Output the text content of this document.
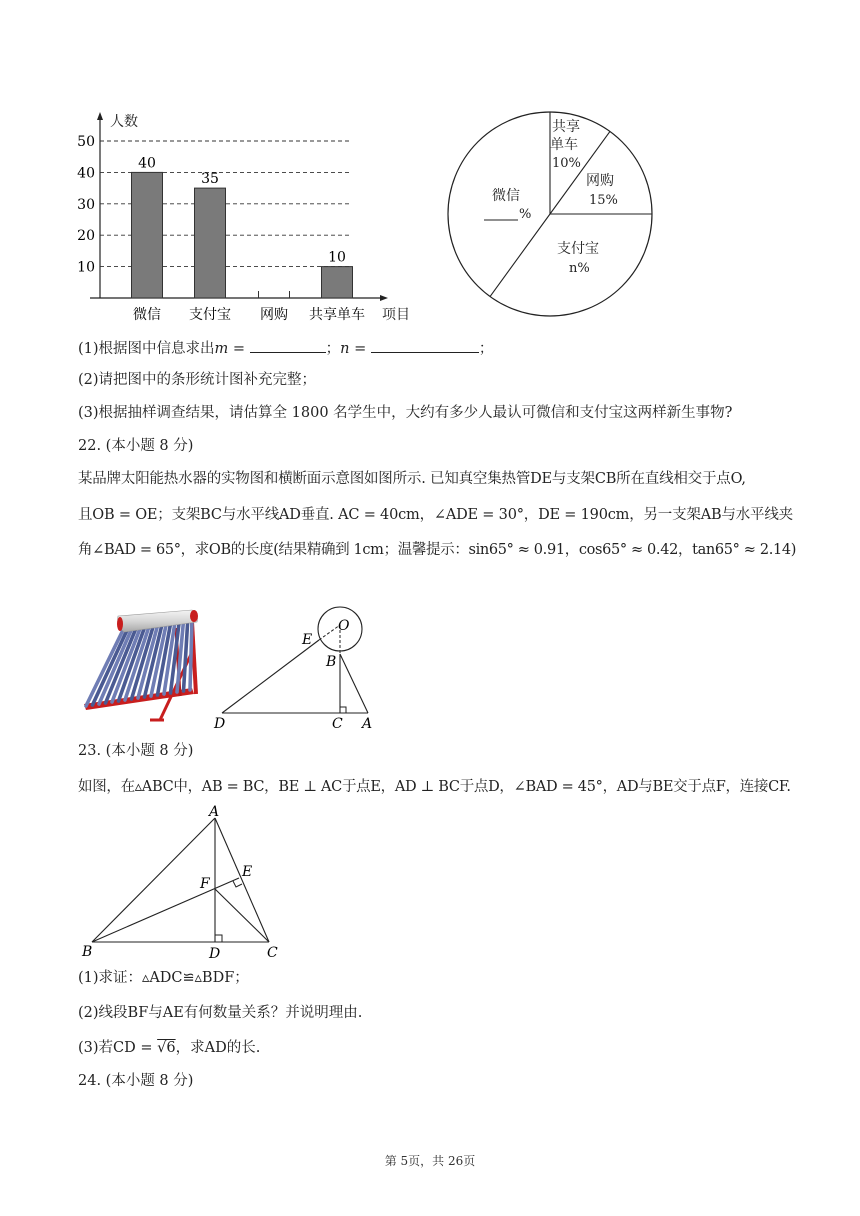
10
20
30
40
50
40
35
10
微信 支付宝 网购 共享单车
人数
项目
共享
单车
10%
网购
15%
支付宝
n%
微信
%
(1)根据图中信息求出m =	；n =	；
(2)请把图中的条形统计图补充完整；
(3)根据抽样调查结果，请估算全 1800 名学生中，大约有多少人最认可微信和支付宝这两样新生事物?
22. (本小题 8 分)
某品牌太阳能热水器的实物图和横断面示意图如图所示. 已知真空集热管DE与支架CB所在直线相交于点O,
且OB = OE；支架BC与水平线AD垂直. AC = 40cm，∠ADE = 30°，DE = 190cm，另一支架AB与水平线夹
角∠BAD = 65°，求OB的长度(结果精确到 1cm；温馨提示：sin65° ≈ 0.91，cos65° ≈ 0.42，tan65° ≈ 2.14)
E
O
B
D	C A
23. (本小题 8 分)
如图，在▵ABC中，AB = BC，BE ⊥ AC于点E，AD ⊥ BC于点D，∠BAD = 45°，AD与BE交于点F，连接CF.
A
E
F
B	D	C
(1)求证：▵ADC≌▵BDF；
(2)线段BF与AE有何数量关系？并说明理由.
(3)若CD = √6，求AD的长.
24. (本小题 8 分)
第 5页，共 26页
